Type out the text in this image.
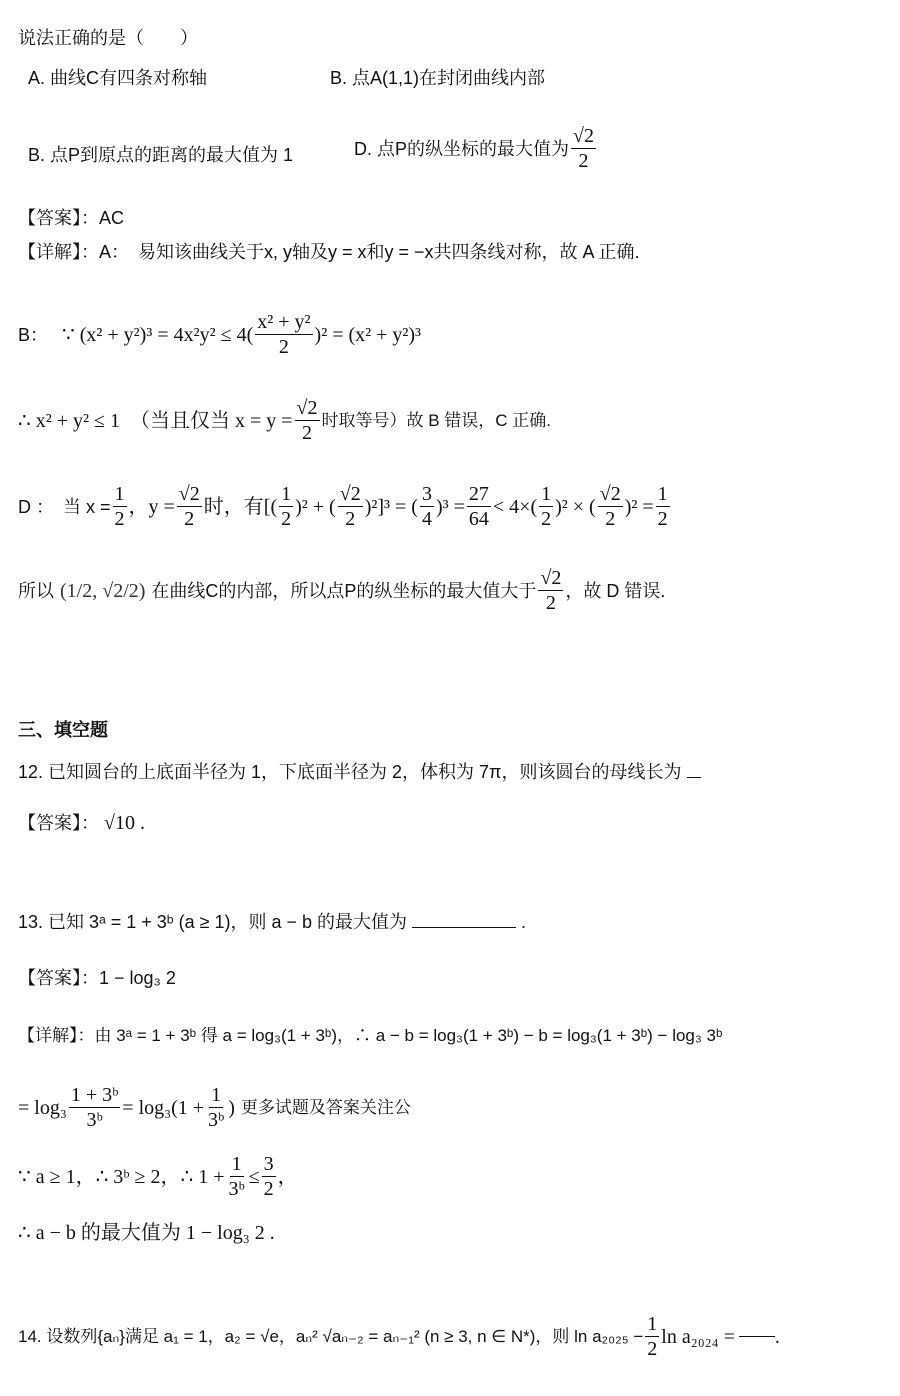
说法正确的是（　　）
A. 曲线C有四条对称轴	B. 点A(1,1)在封闭曲线内部
B. 点P到原点的距离的最大值为 1	D. 点P的纵坐标的最大值为 $\frac{√2}{2}$
【答案】：AC
【详解】：A：　易知该曲线关于x, y轴及y = x和y = −x共四条线对称，故 A 正确.
B： ∵ $(x^2 + y^2)^3 = 4x^2y^2 \le 4( \frac{\text{x² + y²}}{2} )^2 = (x^2 + y^2)^3$
∴ x² + y² ≤ 1　（当且仅当 $x = y = \frac{√2}{2}$ 时取等号）故 B 错误，C 正确.
D ：　当 $x = \frac{1}{2}$ ，$y = \frac{√2}{2}$ 时，有[( $\frac{1}{2} )^2$ + ( $\frac{√2}{2} )^2]^3$ = ( $\frac{3}{4} )^3 = \frac{27}{64} < 4\times( \frac{1}{2} )^2$ × ( $\frac{√2}{2} )^2 = \frac{1}{2}$
所以 (1/2, √2/2) 在曲线C的内部，所以点P的纵坐标的最大值大于 $\frac{√2}{2}$ ，故 D 错误.
三、填空题
12. 已知圆台的上底面半径为 1，下底面半径为 2，体积为 7π，则该圆台的母线长为
【答案】： √10 .
13. 已知 3ᵃ = 1 + 3ᵇ (a ≥ 1)，则 a − b 的最大值为	.
【答案】：1 − log₃ 2
【详解】：由 3ᵃ = 1 + 3ᵇ 得 a = log₃(1 + 3ᵇ)，∴ a − b = log₃(1 + 3ᵇ) − b = log₃(1 + 3ᵇ) − log₃ 3ᵇ
= $\log_3 \frac{\text{1 + 3ᵇ}}{\text{3ᵇ}} = \log_3(1 + \frac{1}{\text{3ᵇ}}$ ) 更多试题及答案关注公
∵ a ≥ 1，∴ 3ᵇ ≥ 2，∴ $1 + \frac{1}{\text{3ᵇ}} \le \frac{3}{2}$ ，
∴ a − b 的最大值为 1 − log₃ 2 .
14. 设数列{aₙ}满足 a₁ = 1，a₂ = √e，aₙ² √aₙ₋₂ = aₙ₋₁² (n ≥ 3, n ∈ N*)，则 $\ln a_{2025} - \frac{1}{2}$ ln a₂₀₂₄ = .
